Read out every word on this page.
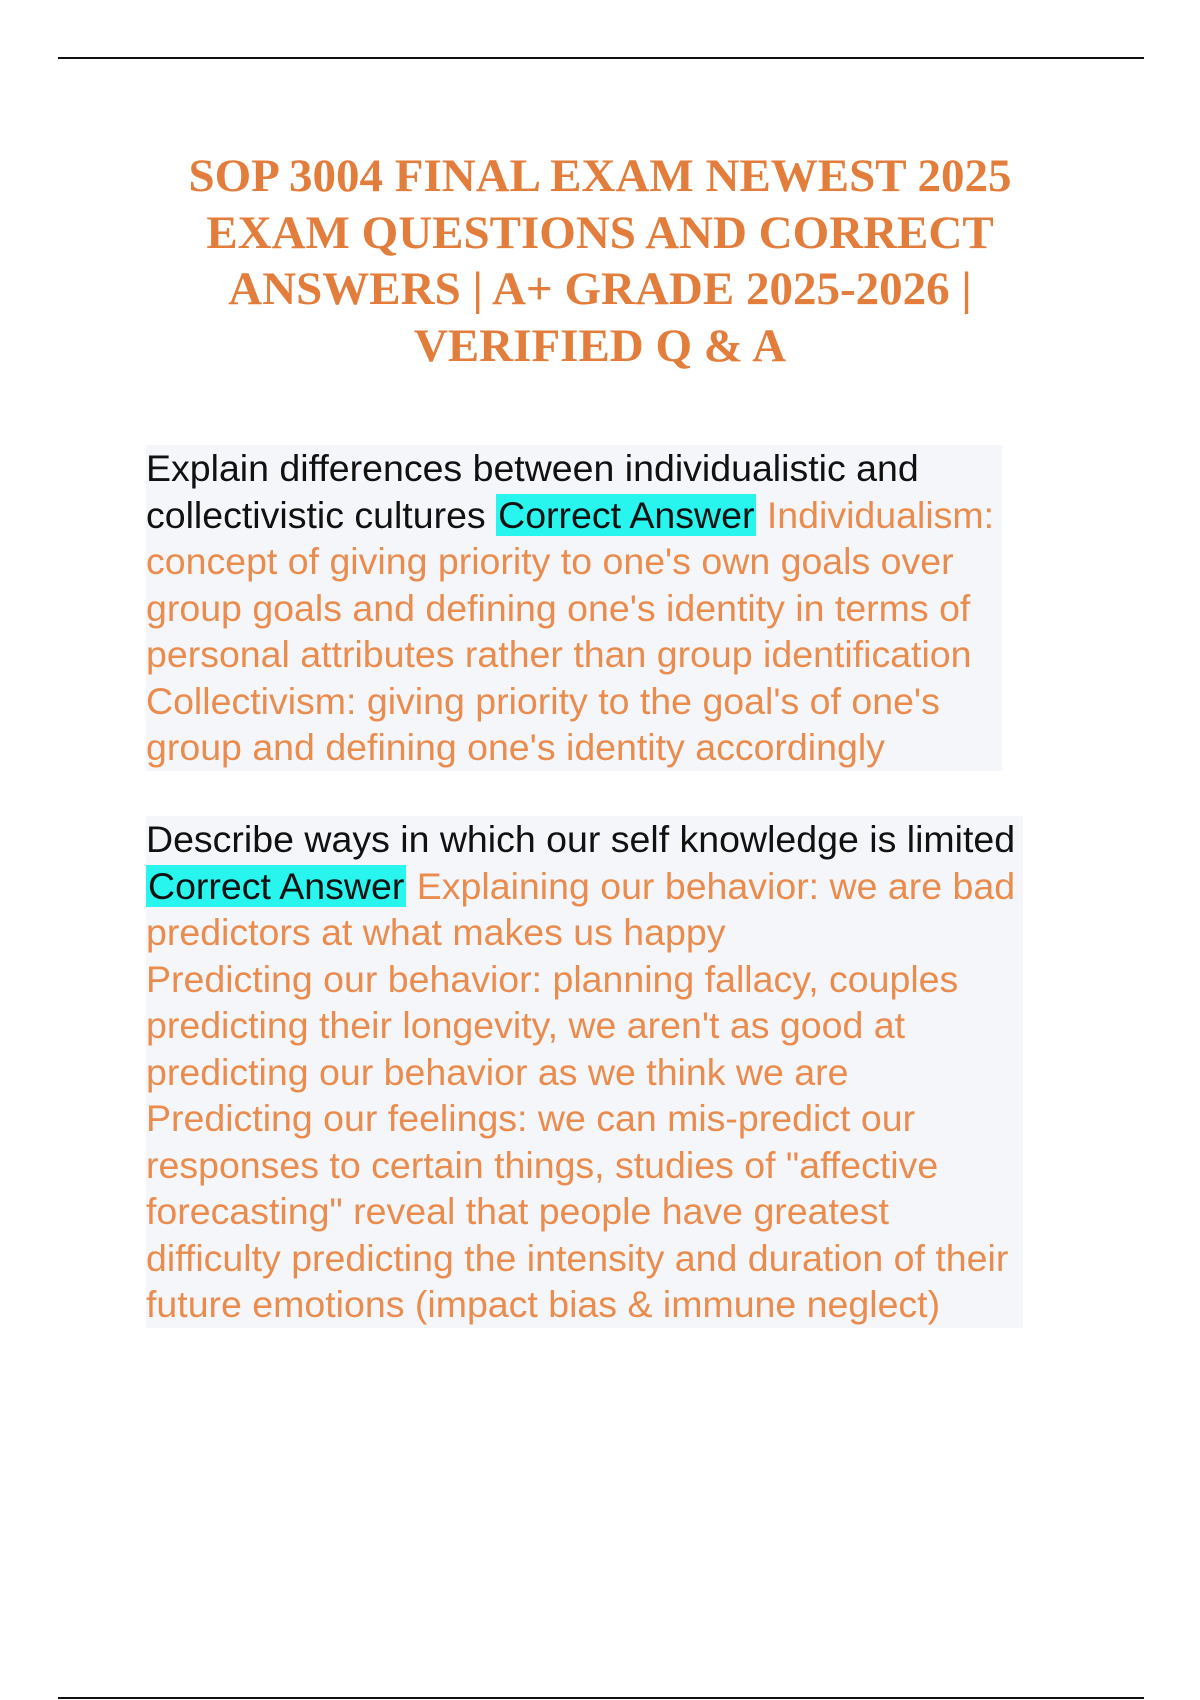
SOP 3004 FINAL EXAM NEWEST 2025
EXAM QUESTIONS AND CORRECT
ANSWERS | A+ GRADE 2025-2026 |
VERIFIED Q & A
Explain differences between individualistic and
collectivistic cultures Correct Answer Individualism:
concept of giving priority to one's own goals over
group goals and defining one's identity in terms of
personal attributes rather than group identification
Collectivism: giving priority to the goal's of one's
group and defining one's identity accordingly
Describe ways in which our self knowledge is limited
Correct Answer Explaining our behavior: we are bad
predictors at what makes us happy
Predicting our behavior: planning fallacy, couples
predicting their longevity, we aren't as good at
predicting our behavior as we think we are
Predicting our feelings: we can mis-predict our
responses to certain things, studies of "affective
forecasting" reveal that people have greatest
difficulty predicting the intensity and duration of their
future emotions (impact bias & immune neglect)
